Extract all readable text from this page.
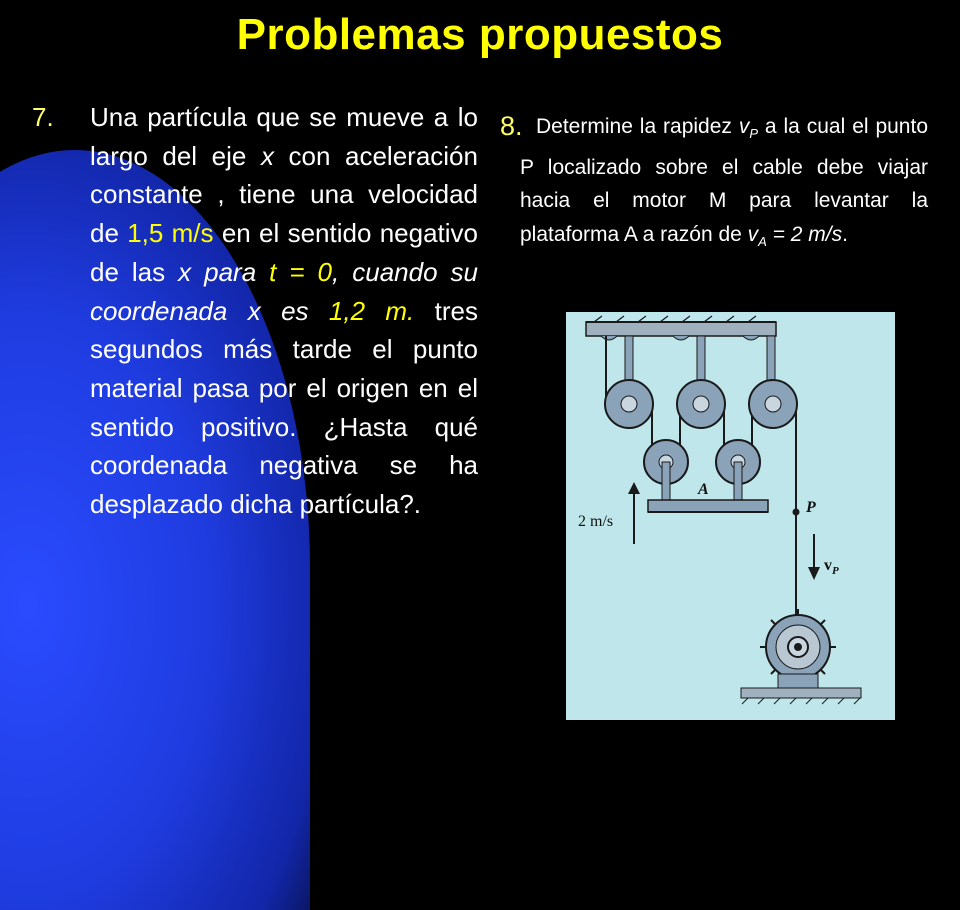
Problemas propuestos
7. Una partícula que se mueve a lo largo del eje x con aceleración constante , tiene una velocidad de 1,5 m/s en el sentido negativo de las x para t = 0, cuando su coordenada x es 1,2 m. tres segundos más tarde el punto material pasa por el origen en el sentido positivo. ¿Hasta qué coordenada negativa se ha desplazado dicha partícula?.
8. Determine la rapidez $v_P$ a la cual el punto P localizado sobre el cable debe viajar hacia el motor M para levantar la plataforma A a razón de $v_A = 2$ m/s.
A
2 m/s
P
$v_P$
